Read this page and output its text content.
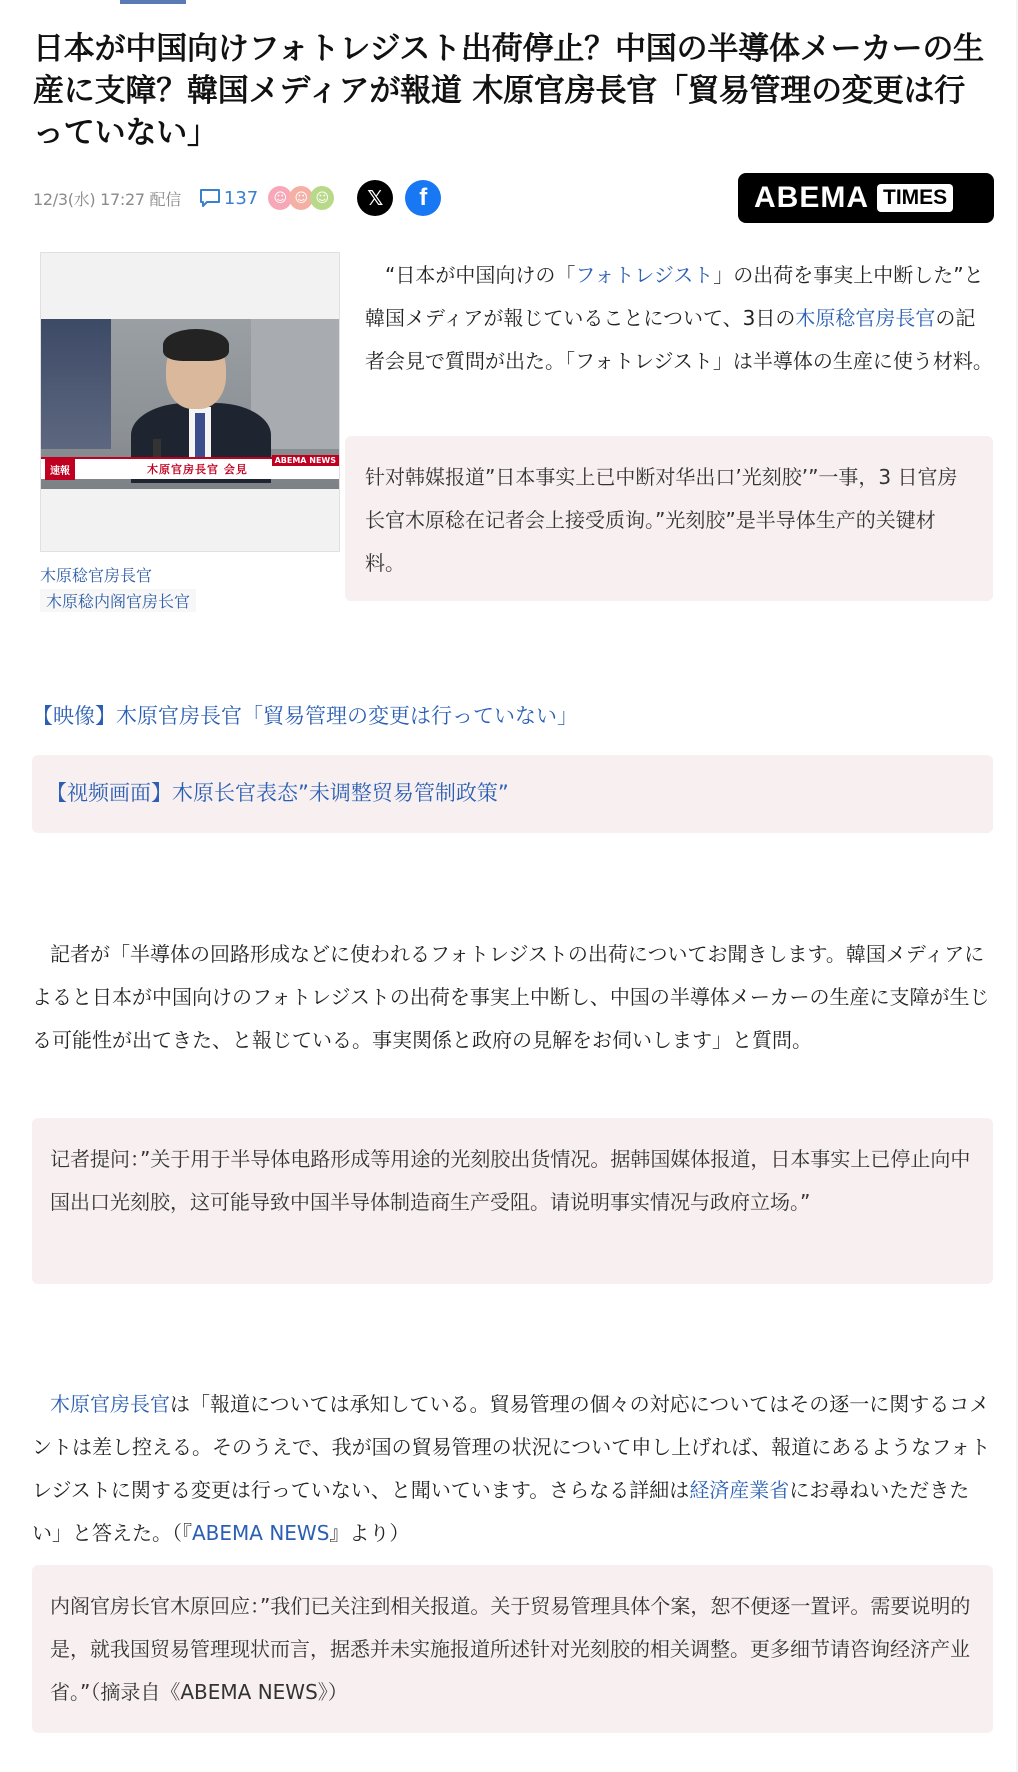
日本が中国向けフォトレジスト出荷停止？中国の半導体メーカーの生産に支障？韓国メディアが報道 木原官房長官「貿易管理の変更は行っていない」
12/3(水) 17:27 配信 137	☺ ☺ ☺ 𝕏 f	ABEMA TIMES
速報	木原官房長官 会見
ABEMA NEWS
木原稔官房長官
木原稔内阁官房长官

“日本が中国向けの「フォトレジスト」の出荷を事実上中断した”と韓国メディアが報じていることについて、3日の木原稔官房長官の記者会見で質問が出た。「フォトレジスト」は半導体の生産に使う材料。

针对韩媒报道”日本事实上已中断对华出口’光刻胶’”一事，3 日官房长官木原稔在记者会上接受质询。”光刻胶”是半导体生产的关键材料。
【映像】木原官房長官「貿易管理の変更は行っていない」
【视频画面】木原长官表态”未调整贸易管制政策”

記者が「半導体の回路形成などに使われるフォトレジストの出荷についてお聞きします。韓国メディアによると日本が中国向けのフォトレジストの出荷を事実上中断し、中国の半導体メーカーの生産に支障が生じる可能性が出てきた、と報じている。事実関係と政府の見解をお伺いします」と質問。

记者提问：”关于用于半导体电路形成等用途的光刻胶出货情况。据韩国媒体报道，日本事实上已停止向中国出口光刻胶，这可能导致中国半导体制造商生产受阻。请说明事实情况与政府立场。”

木原官房長官は「報道については承知している。貿易管理の個々の対応についてはその逐一に関するコメントは差し控える。そのうえで、我が国の貿易管理の状況について申し上げれば、報道にあるようなフォトレジストに関する変更は行っていない、と聞いています。さらなる詳細は経済産業省にお尋ねいただきたい」と答えた。（『ABEMA NEWS』より）

内阁官房长官木原回应：”我们已关注到相关报道。关于贸易管理具体个案，恕不便逐一置评。需要说明的是，就我国贸易管理现状而言，据悉并未实施报道所述针对光刻胶的相关调整。更多细节请咨询经济产业省。”（摘录自《ABEMA NEWS》）
